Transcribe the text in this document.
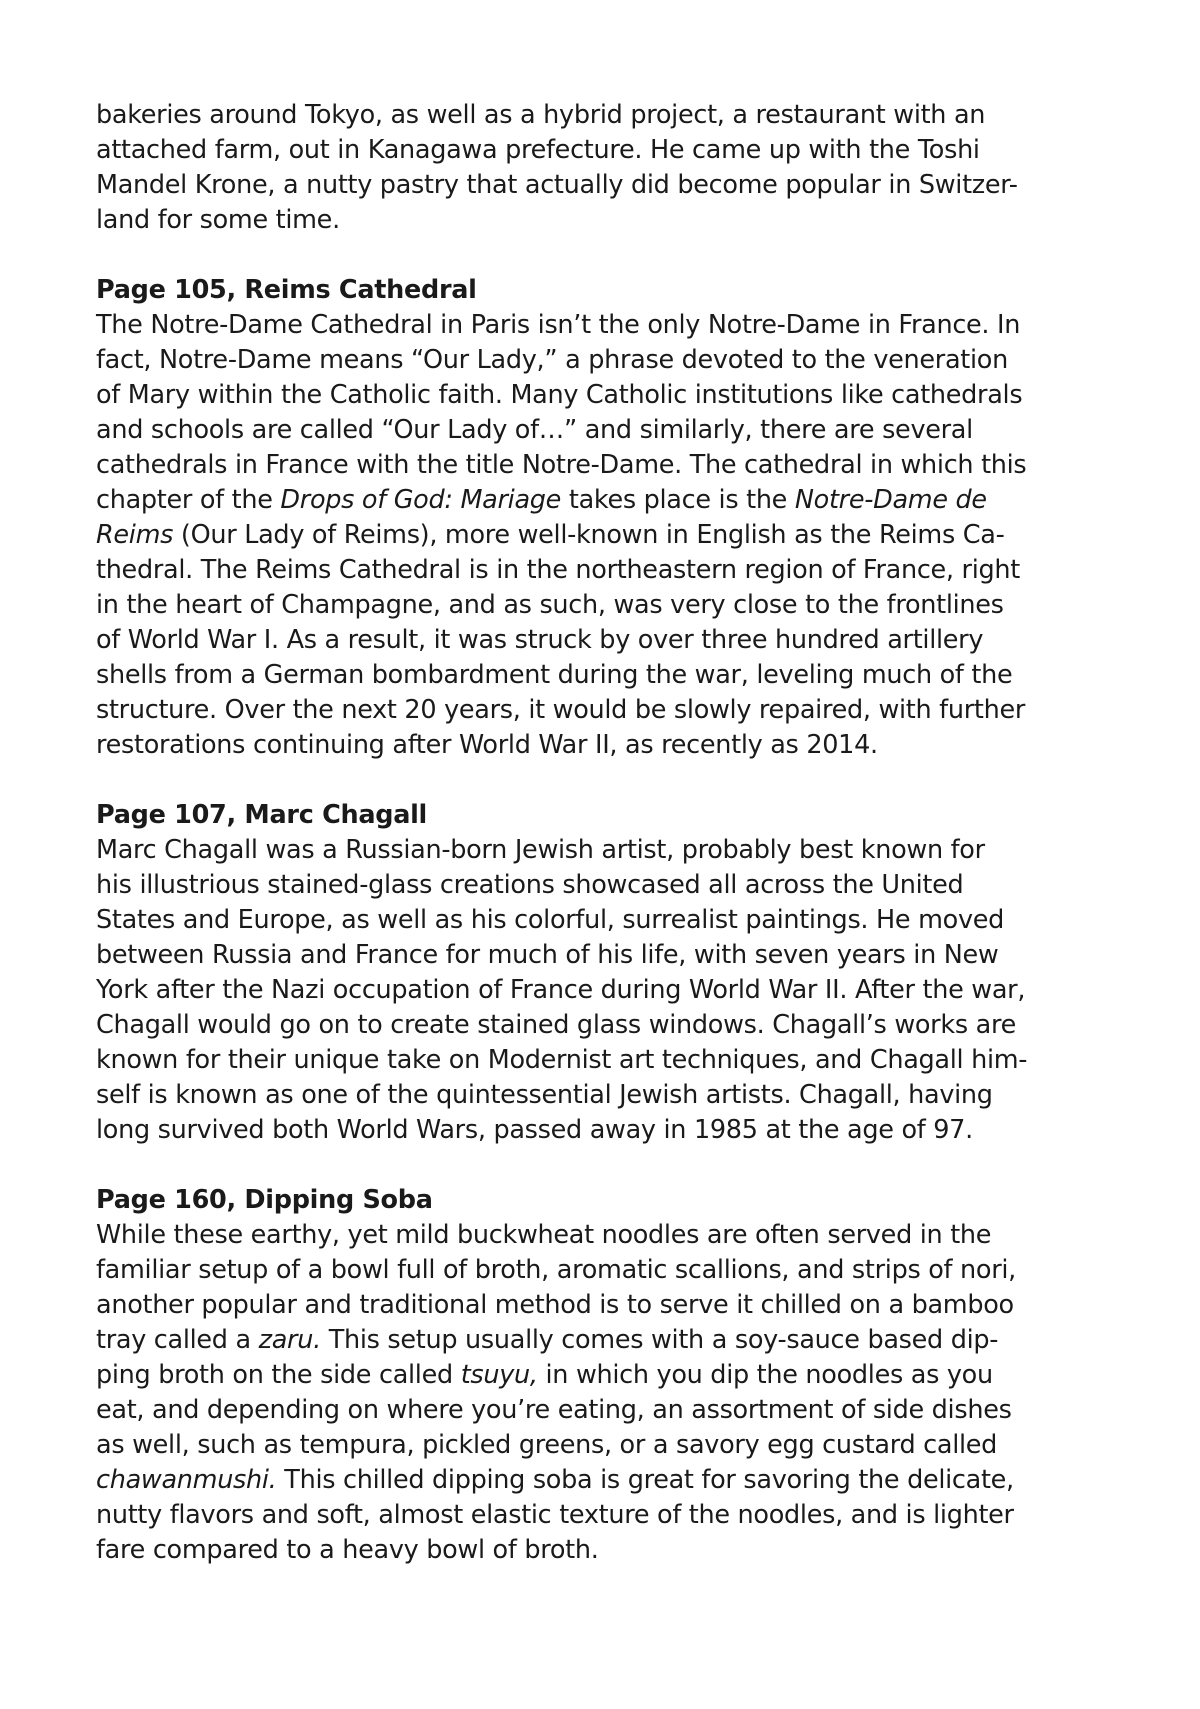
bakeries around Tokyo, as well as a hybrid project, a restaurant with an
attached farm, out in Kanagawa prefecture. He came up with the Toshi
Mandel Krone, a nutty pastry that actually did become popular in Switzer-
land for some time.
Page 105, Reims Cathedral
The Notre-Dame Cathedral in Paris isn’t the only Notre-Dame in France. In
fact, Notre-Dame means “Our Lady,” a phrase devoted to the veneration
of Mary within the Catholic faith. Many Catholic institutions like cathedrals
and schools are called “Our Lady of…” and similarly, there are several
cathedrals in France with the title Notre-Dame. The cathedral in which this
chapter of the Drops of God: Mariage takes place is the Notre-Dame de
Reims (Our Lady of Reims), more well-known in English as the Reims Ca-
thedral. The Reims Cathedral is in the northeastern region of France, right
in the heart of Champagne, and as such, was very close to the frontlines
of World War I. As a result, it was struck by over three hundred artillery
shells from a German bombardment during the war, leveling much of the
structure. Over the next 20 years, it would be slowly repaired, with further
restorations continuing after World War II, as recently as 2014.
Page 107, Marc Chagall
Marc Chagall was a Russian-born Jewish artist, probably best known for
his illustrious stained-glass creations showcased all across the United
States and Europe, as well as his colorful, surrealist paintings. He moved
between Russia and France for much of his life, with seven years in New
York after the Nazi occupation of France during World War II. After the war,
Chagall would go on to create stained glass windows. Chagall’s works are
known for their unique take on Modernist art techniques, and Chagall him-
self is known as one of the quintessential Jewish artists. Chagall, having
long survived both World Wars, passed away in 1985 at the age of 97.
Page 160, Dipping Soba
While these earthy, yet mild buckwheat noodles are often served in the
familiar setup of a bowl full of broth, aromatic scallions, and strips of nori,
another popular and traditional method is to serve it chilled on a bamboo
tray called a zaru. This setup usually comes with a soy-sauce based dip-
ping broth on the side called tsuyu, in which you dip the noodles as you
eat, and depending on where you’re eating, an assortment of side dishes
as well, such as tempura, pickled greens, or a savory egg custard called
chawanmushi. This chilled dipping soba is great for savoring the delicate,
nutty flavors and soft, almost elastic texture of the noodles, and is lighter
fare compared to a heavy bowl of broth.
